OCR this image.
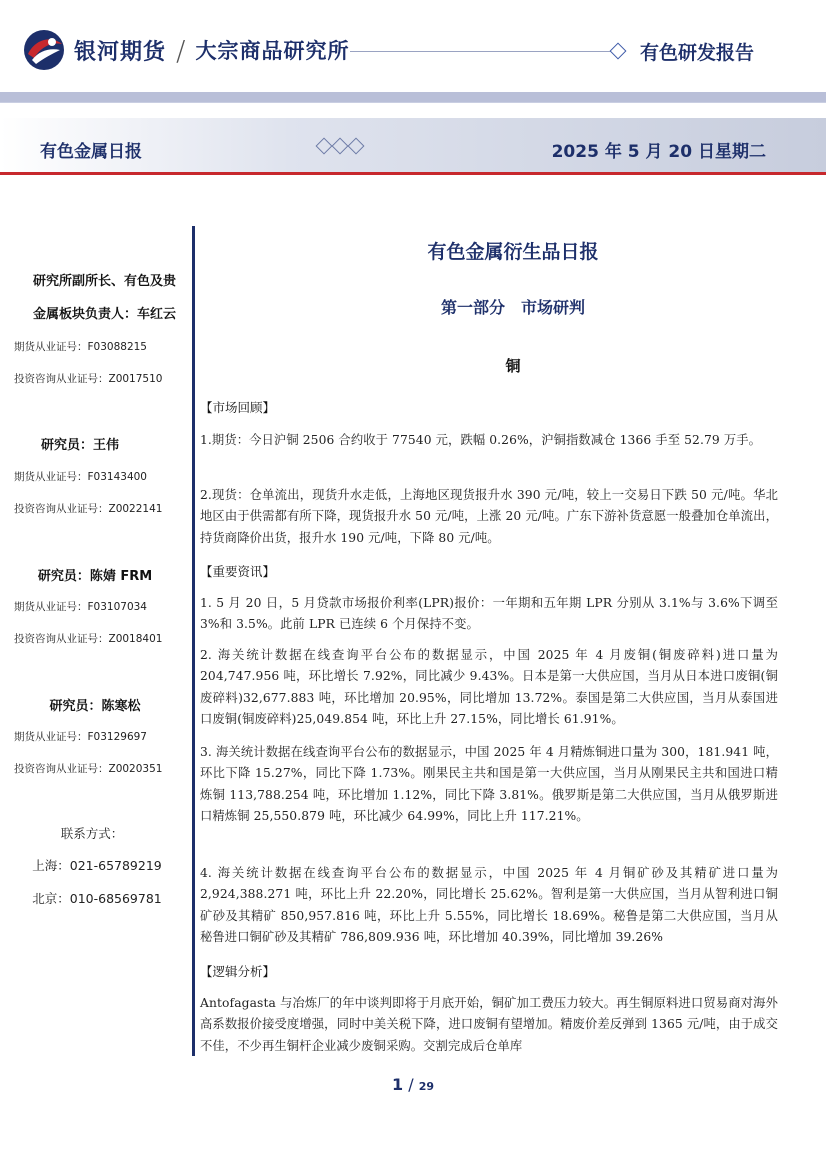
银河期货 / 大宗商品研究所	有色研发报告
有色金属日报	2025 年 5 月 20 日星期二
研究所副所长、有色及贵
金属板块负责人：车红云
期货从业证号：F03088215
投资咨询从业证号：Z0017510
研究员：王伟
期货从业证号：F03143400
投资咨询从业证号：Z0022141
研究员：陈婧 FRM
期货从业证号：F03107034
投资咨询从业证号：Z0018401
研究员：陈寒松
期货从业证号：F03129697
投资咨询从业证号：Z0020351
联系方式：
上海：021-65789219
北京：010-68569781
有色金属衍生品日报
第一部分　市场研判
铜
【市场回顾】
1.期货：今日沪铜 2506 合约收于 77540 元，跌幅 0.26%，沪铜指数减仓 1366 手至 52.79 万手。
2.现货：仓单流出，现货升水走低，上海地区现货报升水 390 元/吨，较上一交易日下跌 50 元/吨。华北地区由于供需都有所下降，现货报升水 50 元/吨，上涨 20 元/吨。广东下游补货意愿一般叠加仓单流出，持货商降价出货，报升水 190 元/吨，下降 80 元/吨。
【重要资讯】
1. 5 月 20 日，5 月贷款市场报价利率(LPR)报价：一年期和五年期 LPR 分别从 3.1%与 3.6%下调至 3%和 3.5%。此前 LPR 已连续 6 个月保持不变。
2. 海关统计数据在线查询平台公布的数据显示，中国 2025 年 4 月废铜(铜废碎料)进口量为 204,747.956 吨，环比增长 7.92%，同比减少 9.43%。日本是第一大供应国，当月从日本进口废铜(铜废碎料)32,677.883 吨，环比增加 20.95%，同比增加 13.72%。泰国是第二大供应国，当月从泰国进口废铜(铜废碎料)25,049.854 吨，环比上升 27.15%，同比增长 61.91%。
3. 海关统计数据在线查询平台公布的数据显示，中国 2025 年 4 月精炼铜进口量为 300，181.941 吨，环比下降 15.27%，同比下降 1.73%。刚果民主共和国是第一大供应国，当月从刚果民主共和国进口精炼铜 113,788.254 吨，环比增加 1.12%，同比下降 3.81%。俄罗斯是第二大供应国，当月从俄罗斯进口精炼铜 25,550.879 吨，环比减少 64.99%，同比上升 117.21%。
4. 海关统计数据在线查询平台公布的数据显示，中国 2025 年 4 月铜矿砂及其精矿进口量为 2,924,388.271 吨，环比上升 22.20%，同比增长 25.62%。智利是第一大供应国，当月从智利进口铜矿砂及其精矿 850,957.816 吨，环比上升 5.55%，同比增长 18.69%。秘鲁是第二大供应国，当月从秘鲁进口铜矿砂及其精矿 786,809.936 吨，环比增加 40.39%，同比增加 39.26%
【逻辑分析】
Antofagasta 与冶炼厂的年中谈判即将于月底开始，铜矿加工费压力较大。再生铜原料进口贸易商对海外高系数报价接受度增强，同时中美关税下降，进口废铜有望增加。精废价差反弹到 1365 元/吨，由于成交不佳，不少再生铜杆企业减少废铜采购。交割完成后仓单库
1 / 29
